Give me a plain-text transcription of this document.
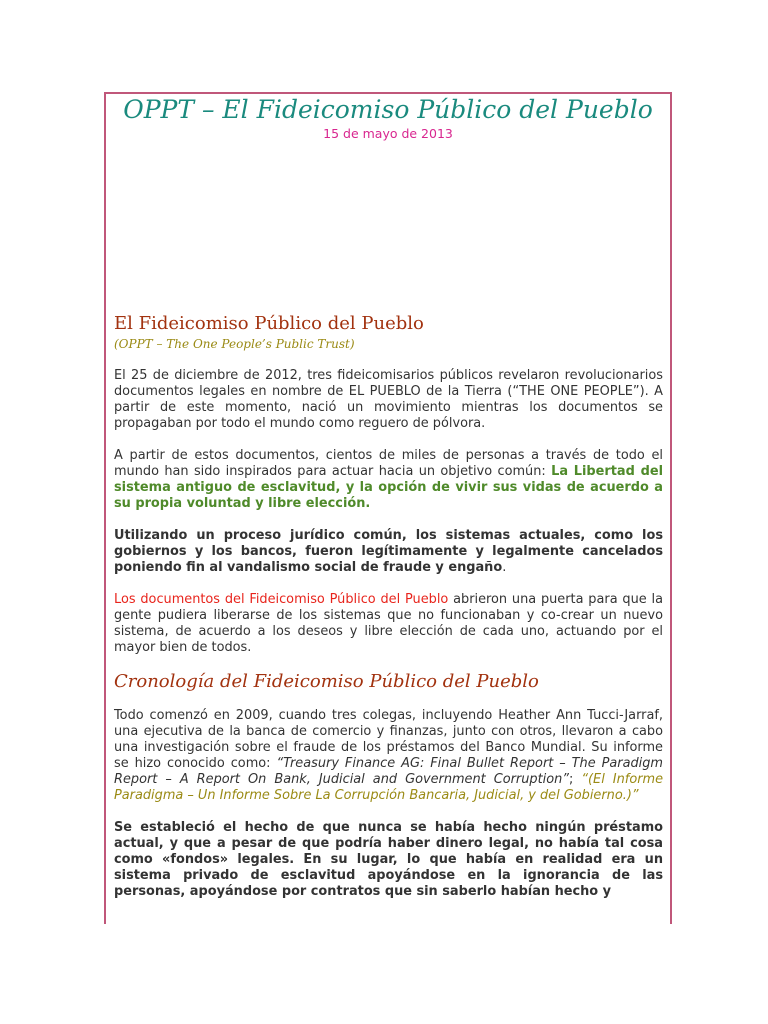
OPPT – El Fideicomiso Público del Pueblo
15 de mayo de 2013
El Fideicomiso Público del Pueblo
(OPPT – The One People’s Public Trust)

El 25 de diciembre de 2012, tres fideicomisarios públicos revelaron revolucionarios documentos legales en nombre de EL PUEBLO de la Tierra (“THE ONE PEOPLE”). A partir de este momento, nació un movimiento mientras los documentos se propagaban por todo el mundo como reguero de pólvora.

A partir de estos documentos, cientos de miles de personas a través de todo el mundo han sido inspirados para actuar hacia un objetivo común: La Libertad del sistema antiguo de esclavitud, y la opción de vivir sus vidas de acuerdo a su propia voluntad y libre elección.

Utilizando un proceso jurídico común, los sistemas actuales, como los gobiernos y los bancos, fueron legítimamente y legalmente cancelados poniendo fin al vandalismo social de fraude y engaño.

Los documentos del Fideicomiso Público del Pueblo abrieron una puerta para que la gente pudiera liberarse de los sistemas que no funcionaban y co-crear un nuevo sistema, de acuerdo a los deseos y libre elección de cada uno, actuando por el mayor bien de todos.

Cronología del Fideicomiso Público del Pueblo

Todo comenzó en 2009, cuando tres colegas, incluyendo Heather Ann Tucci-Jarraf, una ejecutiva de la banca de comercio y finanzas, junto con otros, llevaron a cabo una investigación sobre el fraude de los préstamos del Banco Mundial. Su informe se hizo conocido como: “Treasury Finance AG: Final Bullet Report – The Paradigm Report – A Report On Bank, Judicial and Government Corruption”; “(El Informe Paradigma – Un Informe Sobre La Corrupción Bancaria, Judicial, y del Gobierno.)”

Se estableció el hecho de que nunca se había hecho ningún préstamo actual, y que a pesar de que podría haber dinero legal, no había tal cosa como «fondos» legales. En su lugar, lo que había en realidad era un sistema privado de esclavitud apoyándose en la ignorancia de las personas, apoyándose por contratos que sin saberlo habían hecho y
